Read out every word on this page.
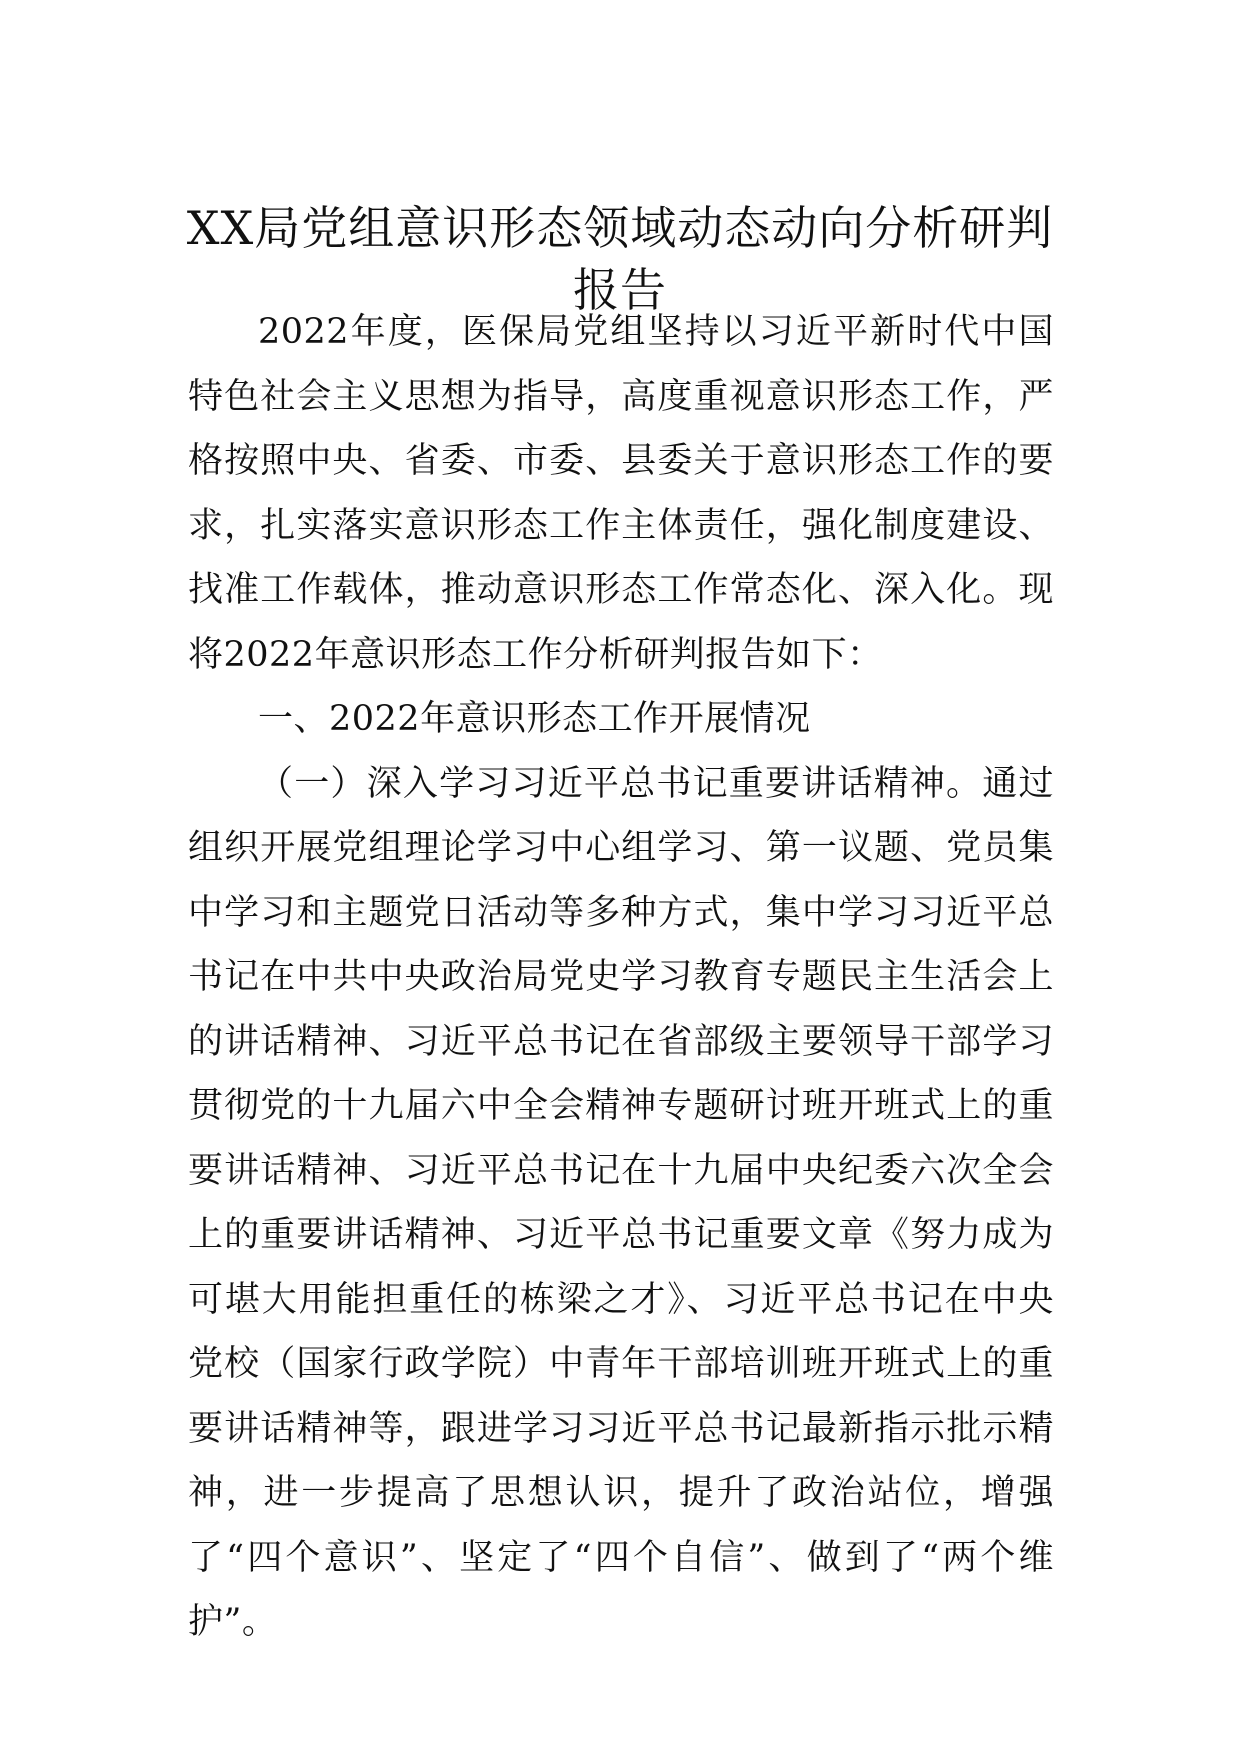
XX局党组意识形态领域动态动向分析研判报告

2022年度，医保局党组坚持以习近平新时代中国特色社会主义思想为指导，高度重视意识形态工作，严格按照中央、省委、市委、县委关于意识形态工作的要求，扎实落实意识形态工作主体责任，强化制度建设、找准工作载体，推动意识形态工作常态化、深入化。现将2022年意识形态工作分析研判报告如下：

一、2022年意识形态工作开展情况

（一）深入学习习近平总书记重要讲话精神。通过组织开展党组理论学习中心组学习、第一议题、党员集中学习和主题党日活动等多种方式，集中学习习近平总书记在中共中央政治局党史学习教育专题民主生活会上的讲话精神、习近平总书记在省部级主要领导干部学习贯彻党的十九届六中全会精神专题研讨班开班式上的重要讲话精神、习近平总书记在十九届中央纪委六次全会上的重要讲话精神、习近平总书记重要文章《努力成为可堪大用能担重任的栋梁之才》、习近平总书记在中央党校（国家行政学院）中青年干部培训班开班式上的重要讲话精神等，跟进学习习近平总书记最新指示批示精神，进一步提高了思想认识，提升了政治站位，增强了“四个意识”、坚定了“四个自信”、做到了“两个维护”。
